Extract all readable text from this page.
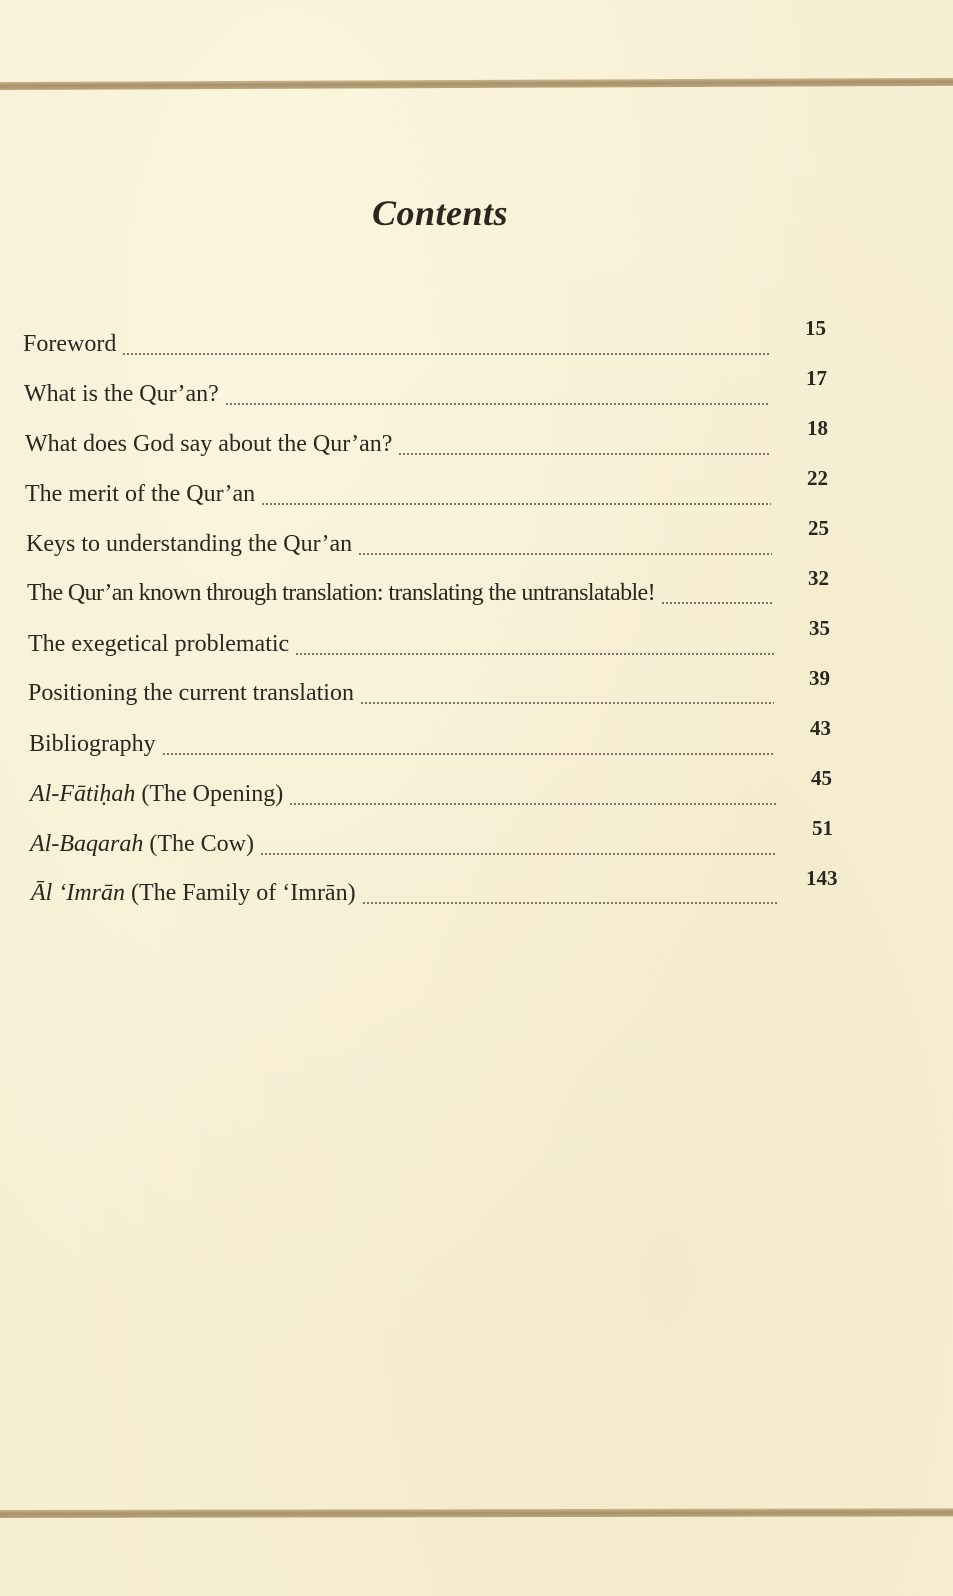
Contents
Foreword
15
What is the Qur’an?
17
What does God say about the Qur’an?
18
The merit of the Qur’an
22
Keys to understanding the Qur’an
25
The Qur’an known through translation: translating the untranslatable!
32
The exegetical problematic
35
Positioning the current translation
39
Bibliography
43
Al-Fātiḥah (The Opening)
45
Al-Baqarah (The Cow)
51
Āl ‘Imrān (The Family of ‘Imrān)
143
